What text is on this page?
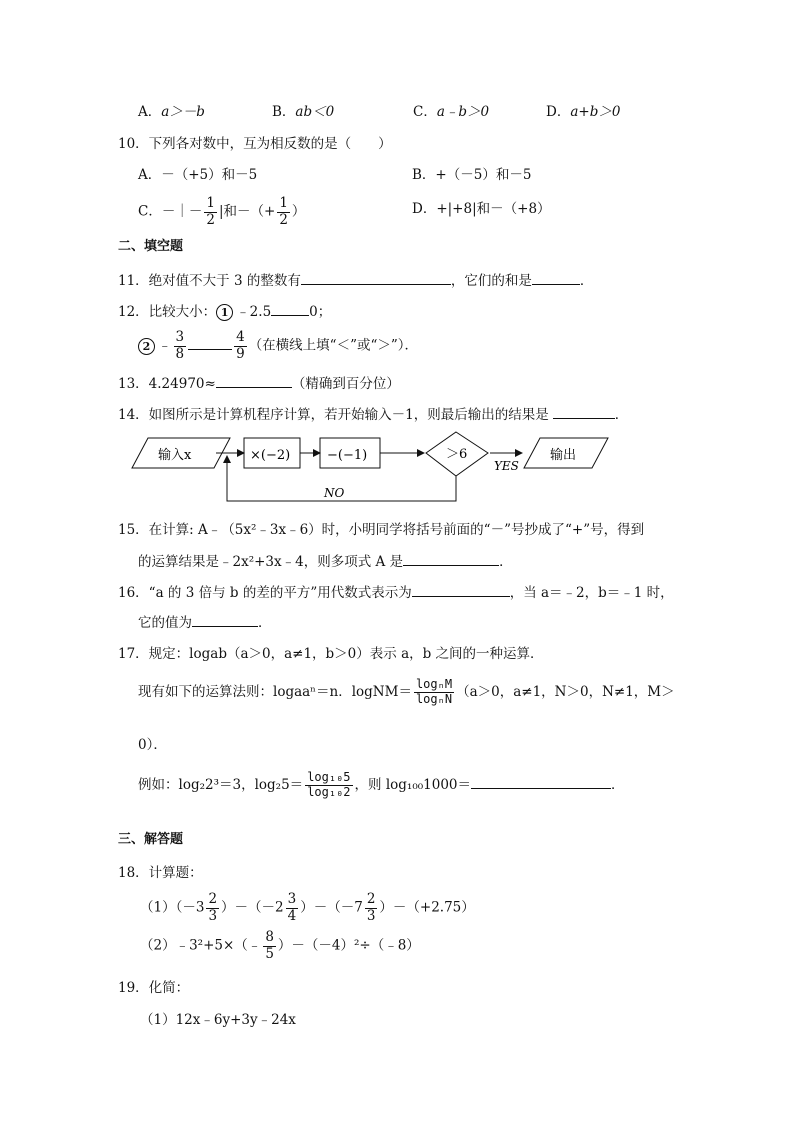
A．a＞－b	B．ab＜0	C．a﹣b＞0	D．a+b＞0
10．下列各对数中，互为相反数的是（　　）
A．－（+5）和－5	B．+（－5）和－5
C．－｜－ $\frac{1}{2}$ |和－（+ $\frac{1}{2}$ ）	D．+|+8|和－（+8）
二、填空题
11．绝对值不大于 3 的整数有	，它们的和是	．
12．比较大小： 1 ﹣2.5	0；
2 ﹣ $\frac{3}{8}$	$\frac{4}{9}$ （在横线上填“＜”或“＞”）．
13．4.24970≈	（精确到百分位）
14．如图所示是计算机程序计算，若开始输入－1，则最后输出的结果是	．
输入x	×(−2)	−(−1)	＞6
YES
输出
NO
15．在计算: A﹣（5x²﹣3x﹣6）时，小明同学将括号前面的“－”号抄成了“+”号，得到
的运算结果是﹣2x²+3x﹣4，则多项式 A 是	．
16．“a 的 3 倍与 b 的差的平方”用代数式表示为	，当 a＝﹣2，b＝﹣1 时，
它的值为	．
17．规定：logab（a＞0，a≠1，b＞0）表示 a，b 之间的一种运算．
现有如下的运算法则：logaaⁿ＝n．logNM＝ $\frac{\text{logₙM}}{\text{logₙN}} (a>0$，a≠1，N＞0，N≠1，M＞
0）．
例如：log₂2³＝3，$\log_25= \frac{\text{log₁₀5}}{\text{log₁₀2}}$ ，则 log₁₀₀1000＝	．
三、解答题
18．计算题：
$(1)(-3 \frac{2}{3} )-(-2 \frac{3}{4} )-(-7 \frac{2}{3} )-(+2.75)$
（2）﹣3²+5×（﹣ $\frac{8}{5}$ ）－（－4）²÷（﹣8）
19．化简：
（1）12x﹣6y+3y﹣24x
